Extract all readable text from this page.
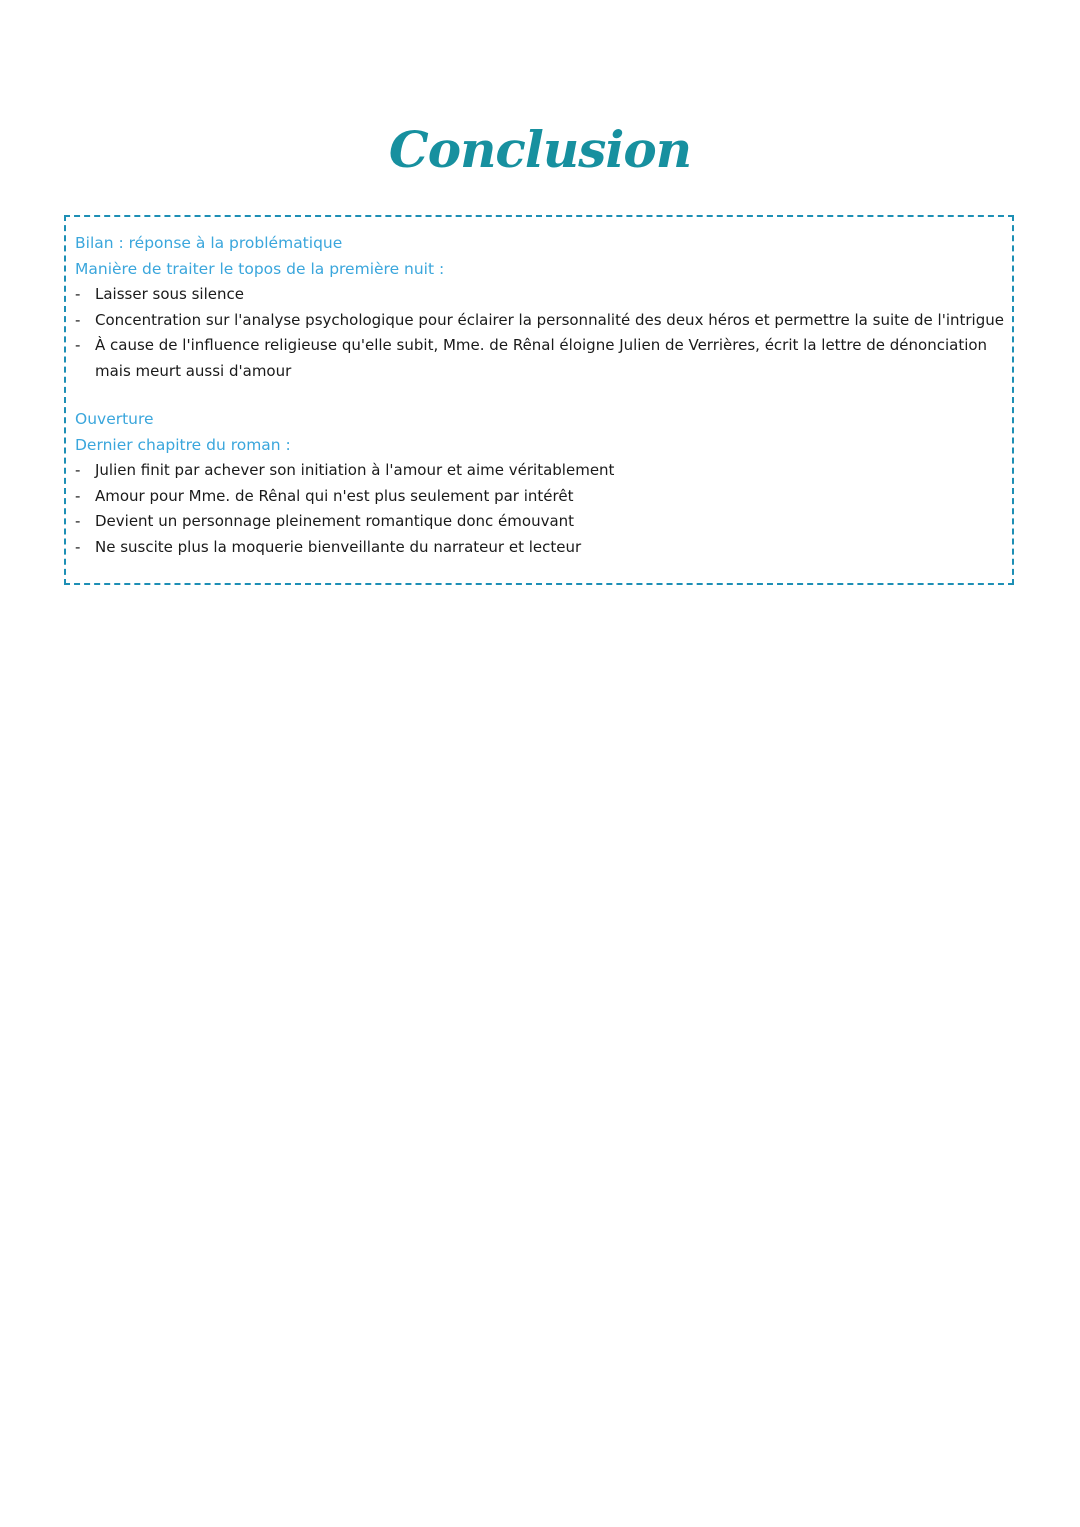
Conclusion

Bilan : réponse à la problématique

Manière de traiter le topos de la première nuit :

- Laisser sous silence
- Concentration sur l'analyse psychologique pour éclairer la personnalité des deux héros et permettre la suite de l'intrigue
- À cause de l'influence religieuse qu'elle subit, Mme. de Rênal éloigne Julien de Verrières, écrit la lettre de dénonciation mais meurt aussi d'amour

Ouverture

Dernier chapitre du roman :

- Julien finit par achever son initiation à l'amour et aime véritablement
- Amour pour Mme. de Rênal qui n'est plus seulement par intérêt
- Devient un personnage pleinement romantique donc émouvant
- Ne suscite plus la moquerie bienveillante du narrateur et lecteur
